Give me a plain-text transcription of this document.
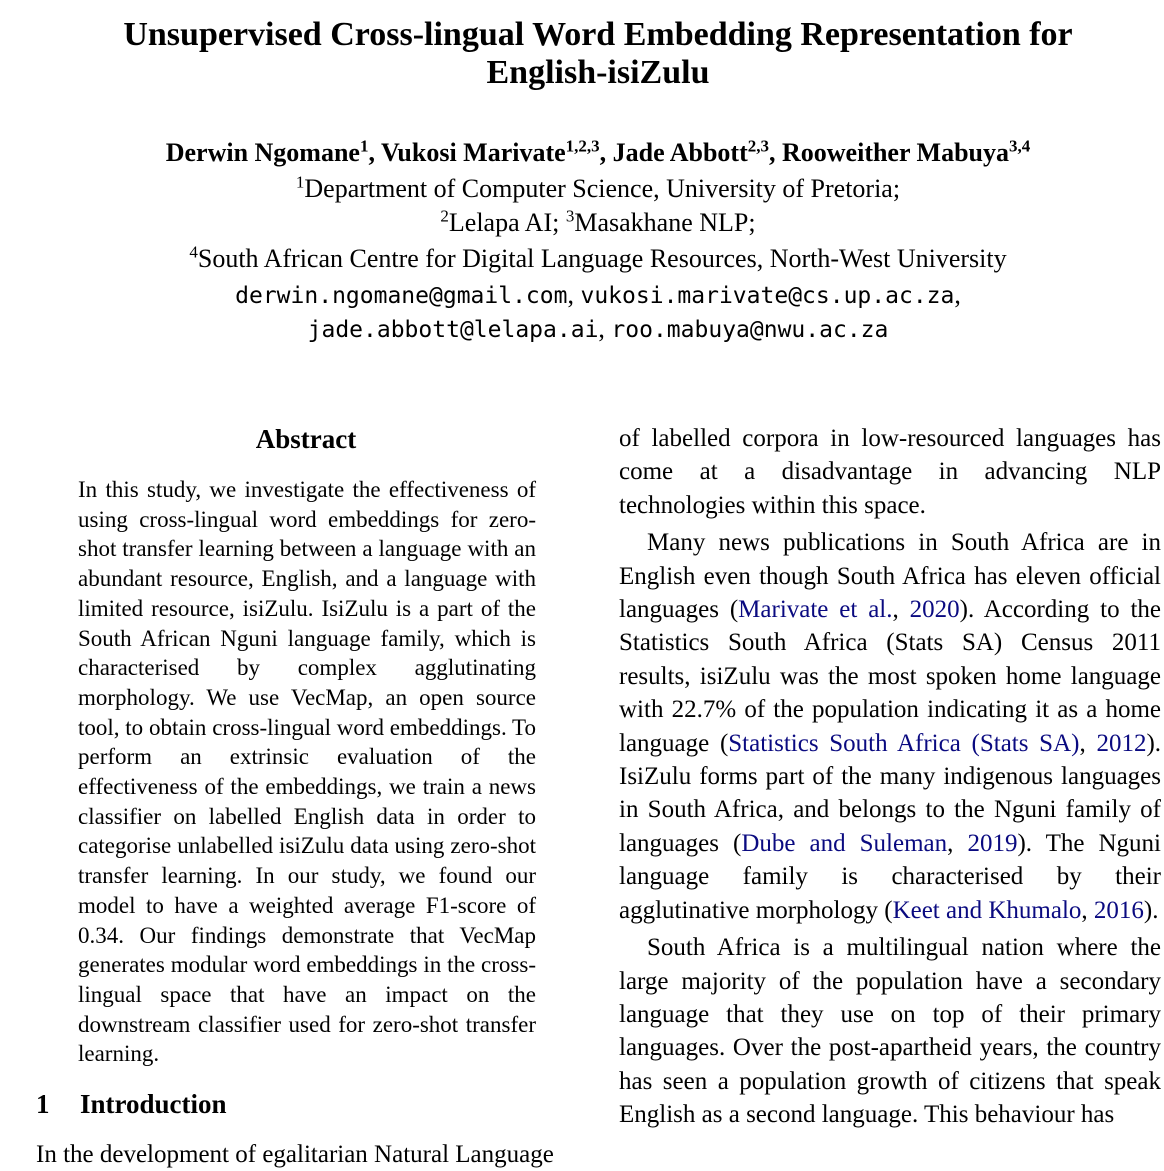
Unsupervised Cross-lingual Word Embedding Representation for
English-isiZulu
Derwin Ngomane$^1$, Vukosi Marivate$^{1,2,3}$, Jade Abbott$^{2,3}$, Rooweither Mabuya$^{3,4}$
$^1$Department of Computer Science, University of Pretoria;
$^2$Lelapa AI; $^3$Masakhane NLP;
$^4$South African Centre for Digital Language Resources, North-West University
derwin.ngomane@gmail.com, vukosi.marivate@cs.up.ac.za,
jade.abbott@lelapa.ai, roo.mabuya@nwu.ac.za
Abstract
In this study, we investigate the effectiveness of using cross-lingual word embeddings for zero-shot transfer learning between a language with an abundant resource, English, and a language with limited resource, isiZulu. IsiZulu is a part of the South African Nguni language family, which is characterised by complex agglutinating morphology. We use VecMap, an open source tool, to obtain cross-lingual word embeddings. To perform an extrinsic evaluation of the effectiveness of the embeddings, we train a news classifier on labelled English data in order to categorise unlabelled isiZulu data using zero-shot transfer learning. In our study, we found our model to have a weighted average F1-score of 0.34. Our findings demonstrate that VecMap generates modular word embeddings in the cross-lingual space that have an impact on the downstream classifier used for zero-shot transfer learning.
1 Introduction
In the development of egalitarian Natural Language

of labelled corpora in low-resourced languages has come at a disadvantage in advancing NLP technologies within this space.

Many news publications in South Africa are in English even though South Africa has eleven official languages (Marivate et al., 2020). According to the Statistics South Africa (Stats SA) Census 2011 results, isiZulu was the most spoken home language with 22.7% of the population indicating it as a home language (Statistics South Africa (Stats SA), 2012). IsiZulu forms part of the many indigenous languages in South Africa, and belongs to the Nguni family of languages (Dube and Suleman, 2019). The Nguni language family is characterised by their agglutinative morphology (Keet and Khumalo, 2016).

South Africa is a multilingual nation where the large majority of the population have a secondary language that they use on top of their primary languages. Over the post-apartheid years, the country has seen a population growth of citizens that speak English as a second language. This behaviour has
